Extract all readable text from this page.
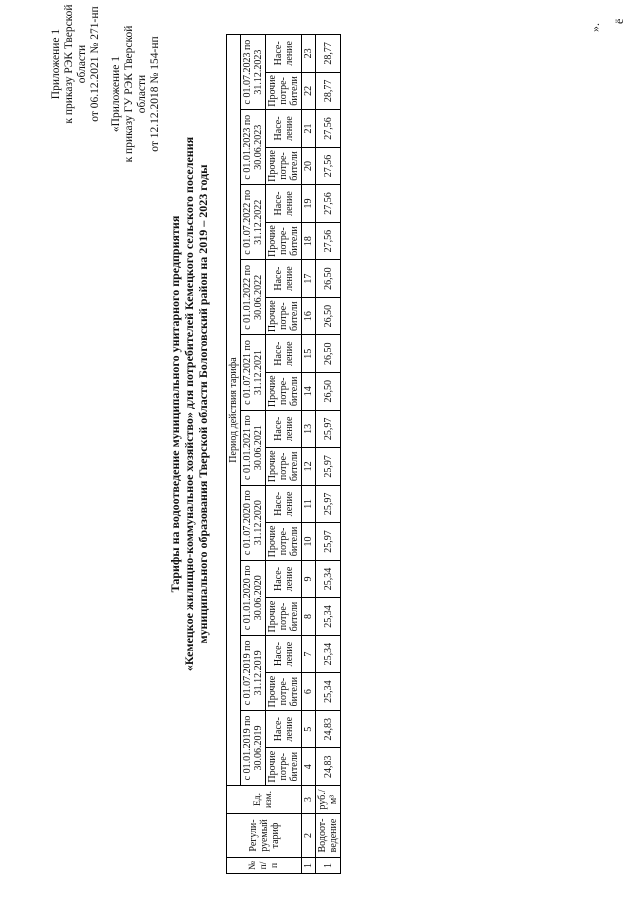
Приложение 1 к приказу РЭК Тверской области от 06.12.2021 № 271-нп «Приложение 1 к приказу ГУ РЭК Тверской области от 12.12.2018 № 154-нп
Тарифы на водоотведение муниципального унитарного предприятия «Кемецкое жилищно-коммунальное хозяйство» для потребителей Кемецкого сельского поселения муниципального образования Тверской области Бологовский район на 2019 – 2023 годы
№ п/ п	Регули-руемый тариф	Ед. изм.	Период действия тарифа																			
			с 01.01.2019 по 30.06.2019		с 01.07.2019 по 31.12.2019		с 01.01.2020 по 30.06.2020		с 01.07.2020 по 31.12.2020		с 01.01.2021 по 30.06.2021		с 01.07.2021 по 31.12.2021		с 01.01.2022 по 30.06.2022		с 01.07.2022 по 31.12.2022		с 01.01.2023 по 30.06.2023		с 01.07.2023 по 31.12.2023	
			Прочие потре-бители	Насе-ление	Прочие потре-бители	Насе-ление	Прочие потре-бители	Насе-ление	Прочие потре-бители	Насе-ление	Прочие потре-бители	Насе-ление	Прочие потре-бители	Насе-ление	Прочие потре-бители	Насе-ление	Прочие потре-бители	Насе-ление	Прочие потре-бители	Насе-ление	Прочие потре-бители	Насе-ление
1	2	3	4	5	6	7	8	9	10	11	12	13	14	15	16	17	18	19	20	21	22	23
1	Водоот-ведение	руб./м³	24,83	24,83	25,34	25,34	25,34	25,34	25,97	25,97	25,97	25,97	26,50	26,50	26,50	26,50	27,56	27,56	27,56	27,56	28,77	28,77
».
ё
